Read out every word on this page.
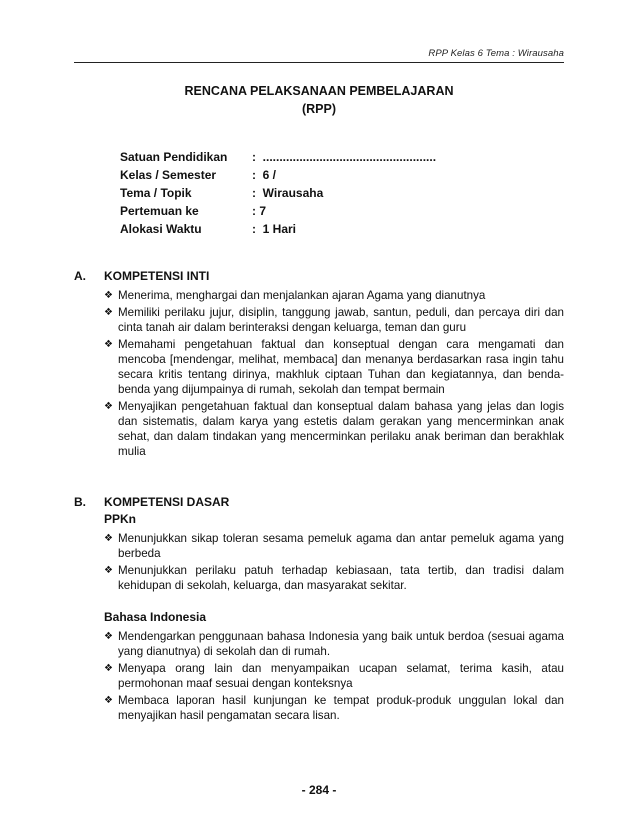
RPP Kelas 6 Tema : Wirausaha
RENCANA PELAKSANAAN PEMBELAJARAN
(RPP)
Satuan Pendidikan	:  ....................................................
Kelas / Semester	:  6 /
Tema / Topik	:  Wirausaha
Pertemuan ke	: 7
Alokasi Waktu	:  1 Hari
A.	KOMPETENSI INTI
❖ Menerima, menghargai dan menjalankan ajaran Agama yang dianutnya
❖ Memiliki perilaku jujur, disiplin, tanggung jawab, santun, peduli, dan percaya diri dan cinta tanah air dalam berinteraksi dengan keluarga, teman dan guru
❖ Memahami pengetahuan faktual dan konseptual dengan cara mengamati dan mencoba [mendengar, melihat, membaca] dan menanya berdasarkan rasa ingin tahu secara kritis tentang dirinya, makhluk ciptaan Tuhan dan kegiatannya, dan benda-benda yang dijumpainya di rumah, sekolah dan tempat bermain
❖ Menyajikan pengetahuan faktual dan konseptual dalam bahasa yang jelas dan logis dan sistematis, dalam karya yang estetis dalam gerakan yang mencerminkan anak sehat, dan dalam tindakan yang mencerminkan perilaku anak beriman dan berakhlak mulia
B.	KOMPETENSI DASAR
PPKn
❖ Menunjukkan sikap toleran sesama pemeluk agama dan antar pemeluk agama yang berbeda
❖ Menunjukkan perilaku patuh terhadap kebiasaan, tata tertib, dan tradisi dalam kehidupan di sekolah, keluarga, dan masyarakat sekitar.
Bahasa Indonesia
❖ Mendengarkan penggunaan bahasa Indonesia yang baik untuk berdoa (sesuai agama yang dianutnya) di sekolah dan di rumah.
❖ Menyapa orang lain dan menyampaikan ucapan selamat, terima kasih, atau permohonan maaf sesuai dengan konteksnya
❖ Membaca laporan hasil kunjungan ke tempat produk-produk unggulan lokal dan menyajikan hasil pengamatan secara lisan.
- 284 -
